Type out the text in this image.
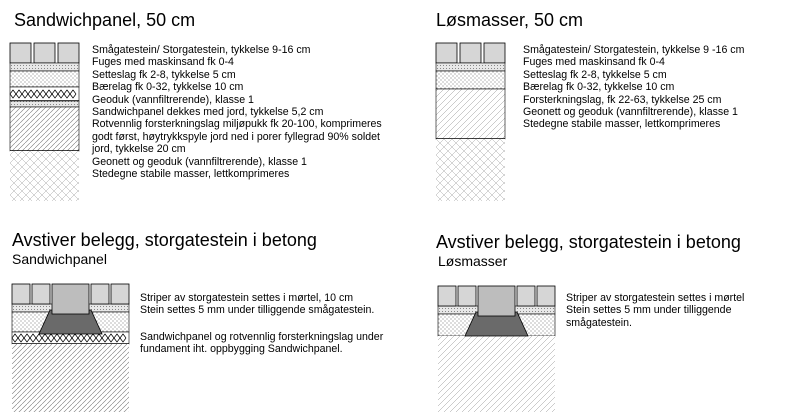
Sandwichpanel, 50 cm
Smågatestein/ Storgatestein, tykkelse 9-16 cm
Fuges med maskinsand fk 0-4
Setteslag fk 2-8, tykkelse 5 cm
Bærelag fk 0-32, tykkelse 10 cm
Geoduk (vannfiltrerende), klasse 1
Sandwichpanel dekkes med jord, tykkelse 5,2 cm
Rotvennlig forsterkningslag miljøpukk fk 20-100, komprimeres godt først, høytrykkspyle jord ned i porer fyllegrad 90% soldet jord, tykkelse 20 cm
Geonett og geoduk (vannfiltrerende), klasse 1
Stedegne stabile masser, lettkomprimeres
Løsmasser, 50 cm
Smågatestein/ Storgatestein, tykkelse 9 -16 cm
Fuges med maskinsand fk 0-4
Setteslag fk 2-8, tykkelse 5 cm
Bærelag fk 0-32, tykkelse 10 cm
Forsterkningslag, fk 22-63, tykkelse 25 cm
Geonett og geoduk (vannfiltrerende), klasse 1
Stedegne stabile masser, lettkomprimeres
Avstiver belegg, storgatestein i betong
Sandwichpanel
Striper av storgatestein settes i mørtel, 10 cm
Stein settes 5 mm under tilliggende smågatestein.
Sandwichpanel og rotvennlig forsterkningslag under fundament iht. oppbygging Sandwichpanel.
Avstiver belegg, storgatestein i betong
Løsmasser
Striper av storgatestein settes i mørtel
Stein settes 5 mm under tilliggende smågatestein.
